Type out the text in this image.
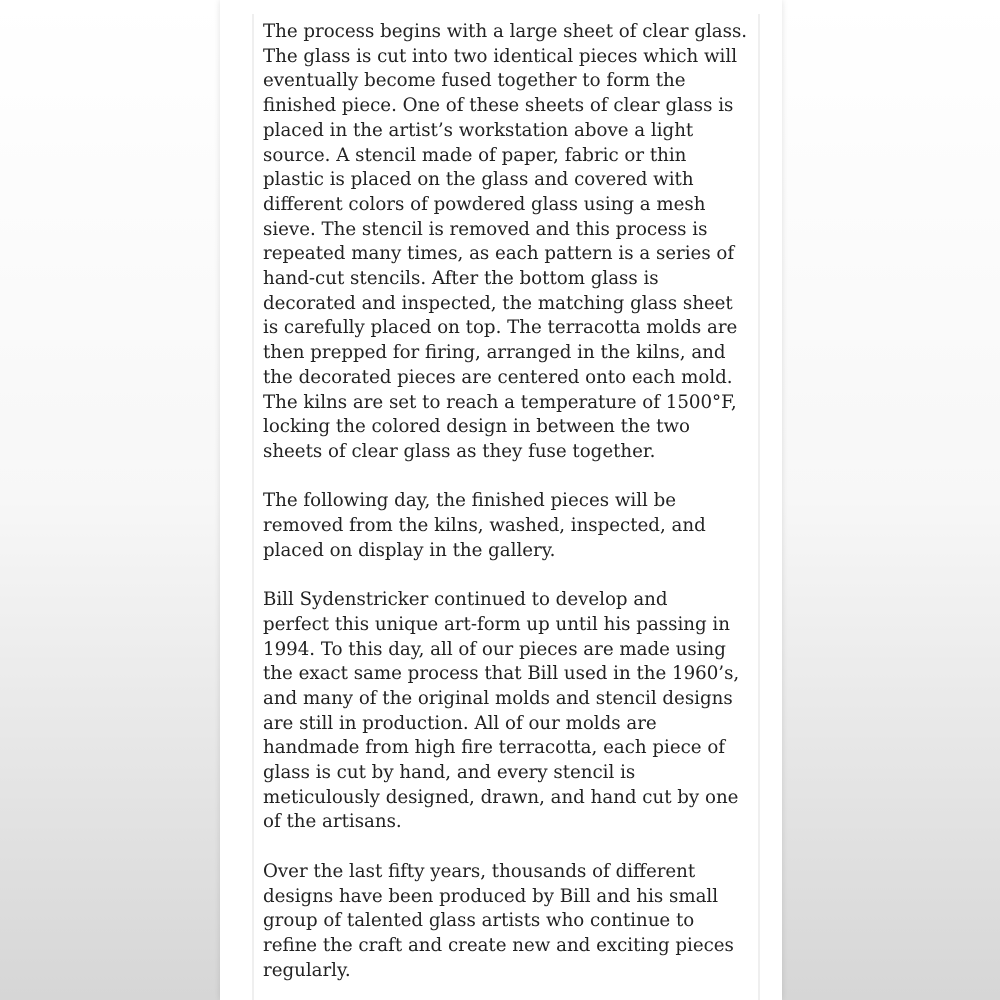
The process begins with a large sheet of clear glass.
The glass is cut into two identical pieces which will
eventually become fused together to form the
finished piece. One of these sheets of clear glass is
placed in the artist’s workstation above a light
source. A stencil made of paper, fabric or thin
plastic is placed on the glass and covered with
different colors of powdered glass using a mesh
sieve. The stencil is removed and this process is
repeated many times, as each pattern is a series of
hand-cut stencils. After the bottom glass is
decorated and inspected, the matching glass sheet
is carefully placed on top. The terracotta molds are
then prepped for firing, arranged in the kilns, and
the decorated pieces are centered onto each mold.
The kilns are set to reach a temperature of 1500°F,
locking the colored design in between the two
sheets of clear glass as they fuse together.

The following day, the finished pieces will be
removed from the kilns, washed, inspected, and
placed on display in the gallery.

Bill Sydenstricker continued to develop and
perfect this unique art-form up until his passing in
1994. To this day, all of our pieces are made using
the exact same process that Bill used in the 1960’s,
and many of the original molds and stencil designs
are still in production. All of our molds are
handmade from high fire terracotta, each piece of
glass is cut by hand, and every stencil is
meticulously designed, drawn, and hand cut by one
of the artisans.

Over the last fifty years, thousands of different
designs have been produced by Bill and his small
group of talented glass artists who continue to
refine the craft and create new and exciting pieces
regularly.
